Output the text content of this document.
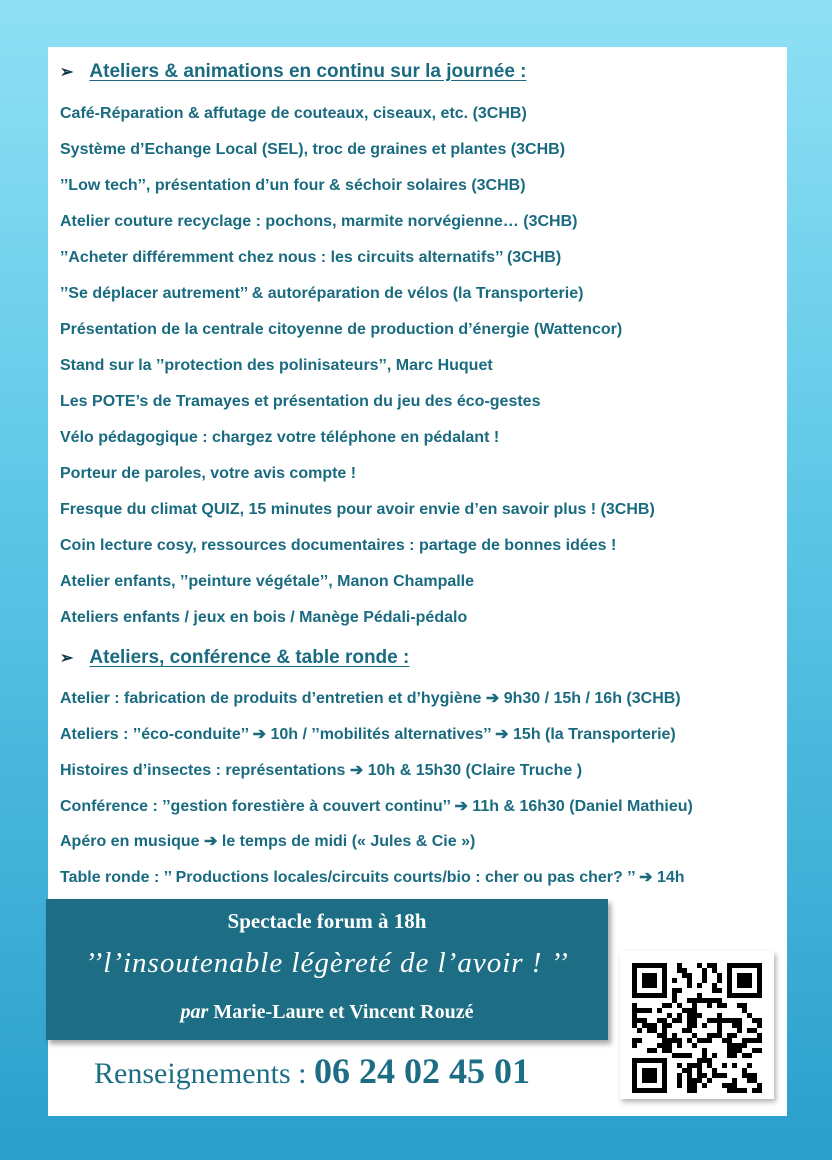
➢ Ateliers & animations en continu sur la journée :
Café-Réparation & affutage de couteaux, ciseaux, etc. (3CHB)
Système d’Echange Local (SEL), troc de graines et plantes (3CHB)
’’Low tech’’, présentation d’un four & séchoir solaires (3CHB)
Atelier couture recyclage : pochons, marmite norvégienne… (3CHB)
’’Acheter différemment chez nous : les circuits alternatifs’’ (3CHB)
’’Se déplacer autrement’’ & autoréparation de vélos (la Transporterie)
Présentation de la centrale citoyenne de production d’énergie (Wattencor)
Stand sur la ’’protection des polinisateurs’’, Marc Huquet
Les POTE’s de Tramayes et présentation du jeu des éco-gestes
Vélo pédagogique : chargez votre téléphone en pédalant !
Porteur de paroles, votre avis compte !
Fresque du climat QUIZ, 15 minutes pour avoir envie d’en savoir plus ! (3CHB)
Coin lecture cosy, ressources documentaires : partage de bonnes idées !
Atelier enfants, ’’peinture végétale’’, Manon Champalle
Ateliers enfants / jeux en bois / Manège Pédali-pédalo
➢ Ateliers, conférence & table ronde :
Atelier : fabrication de produits d’entretien et d’hygiène ➔ 9h30 / 15h / 16h (3CHB)
Ateliers : ’’éco-conduite’’ ➔ 10h / ’’mobilités alternatives’’ ➔ 15h (la Transporterie)
Histoires d’insectes : représentations ➔ 10h & 15h30 (Claire Truche )
Conférence : ’’gestion forestière à couvert continu’’ ➔ 11h & 16h30 (Daniel Mathieu)
Apéro en musique ➔ le temps de midi (« Jules & Cie »)
Table ronde : ’’ Productions locales/circuits courts/bio : cher ou pas cher? ’’ ➔ 14h
Renseignements : 06 24 02 45 01
Spectacle forum à 18h
’’l’insoutenable légèreté de l’avoir ! ’’
par Marie-Laure et Vincent Rouzé
